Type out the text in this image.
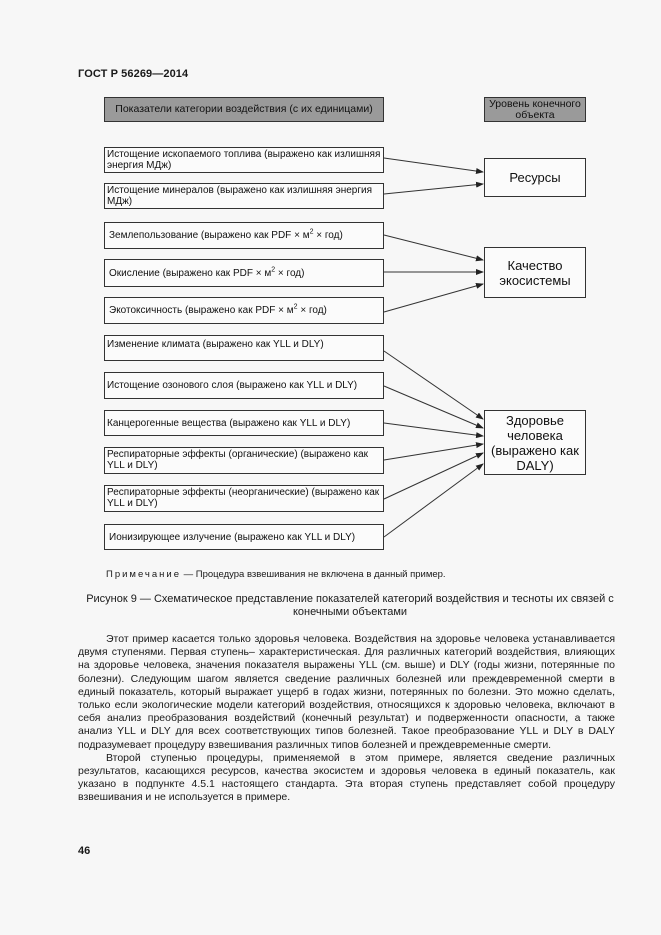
ГОСТ Р 56269—2014
Показатели категории воздействия (с их единицами)	Уровень конечного объекта
Истощение ископаемого топлива (выражено как излишняя энергия МДж)
Истощение минералов (выражено как излишняя энергия МДж)
Землепользование (выражено как PDF × $м^2 \times год$)
Окисление (выражено как PDF × $м^2 \times год$)
Экотоксичность (выражено как PDF × $м^2 \times год$)
Изменение климата (выражено как YLL и DLY)
Истощение озонового слоя (выражено как YLL и DLY)
Канцерогенные вещества (выражено как YLL и DLY)
Респираторные эффекты (органические) (выражено как YLL и DLY)
Респираторные эффекты (неорганические) (выражено как YLL и DLY)
Ионизирующее излучение (выражено как YLL и DLY)
Ресурсы
Качество экосистемы
Здоровье человека (выражено как DALY)
Примечание — Процедура взвешивания не включена в данный пример.
Рисунок 9 — Схематическое представление показателей категорий воздействия и тесноты их связей с конечными объектами

Этот пример касается только здоровья человека. Воздействия на здоровье человека устанавливается двумя ступенями. Первая ступень– характеристическая. Для различных категорий воздействия, влияющих на здоровье человека, значения показателя выражены YLL (см. выше) и DLY (годы жизни, потерянные по болезни). Следующим шагом является сведение различных болезней или преждевременной смерти в единый показатель, который выражает ущерб в годах жизни, потерянных по болезни. Это можно сделать, только если экологические модели категорий воздействия, относящихся к здоровью человека, включают в себя анализ преобразования воздействий (конечный результат) и подверженности опасности, а также анализ YLL и DLY для всех соответствующих типов болезней. Такое преобразование YLL и DLY в DALY подразумевает процедуру взвешивания различных типов болезней и преждевременные смерти.

Второй ступенью процедуры, применяемой в этом примере, является сведение различных результатов, касающихся ресурсов, качества экосистем и здоровья человека в единый показатель, как указано в подпункте 4.5.1 настоящего стандарта. Эта вторая ступень представляет собой процедуру взвешивания и не используется в примере.

46
